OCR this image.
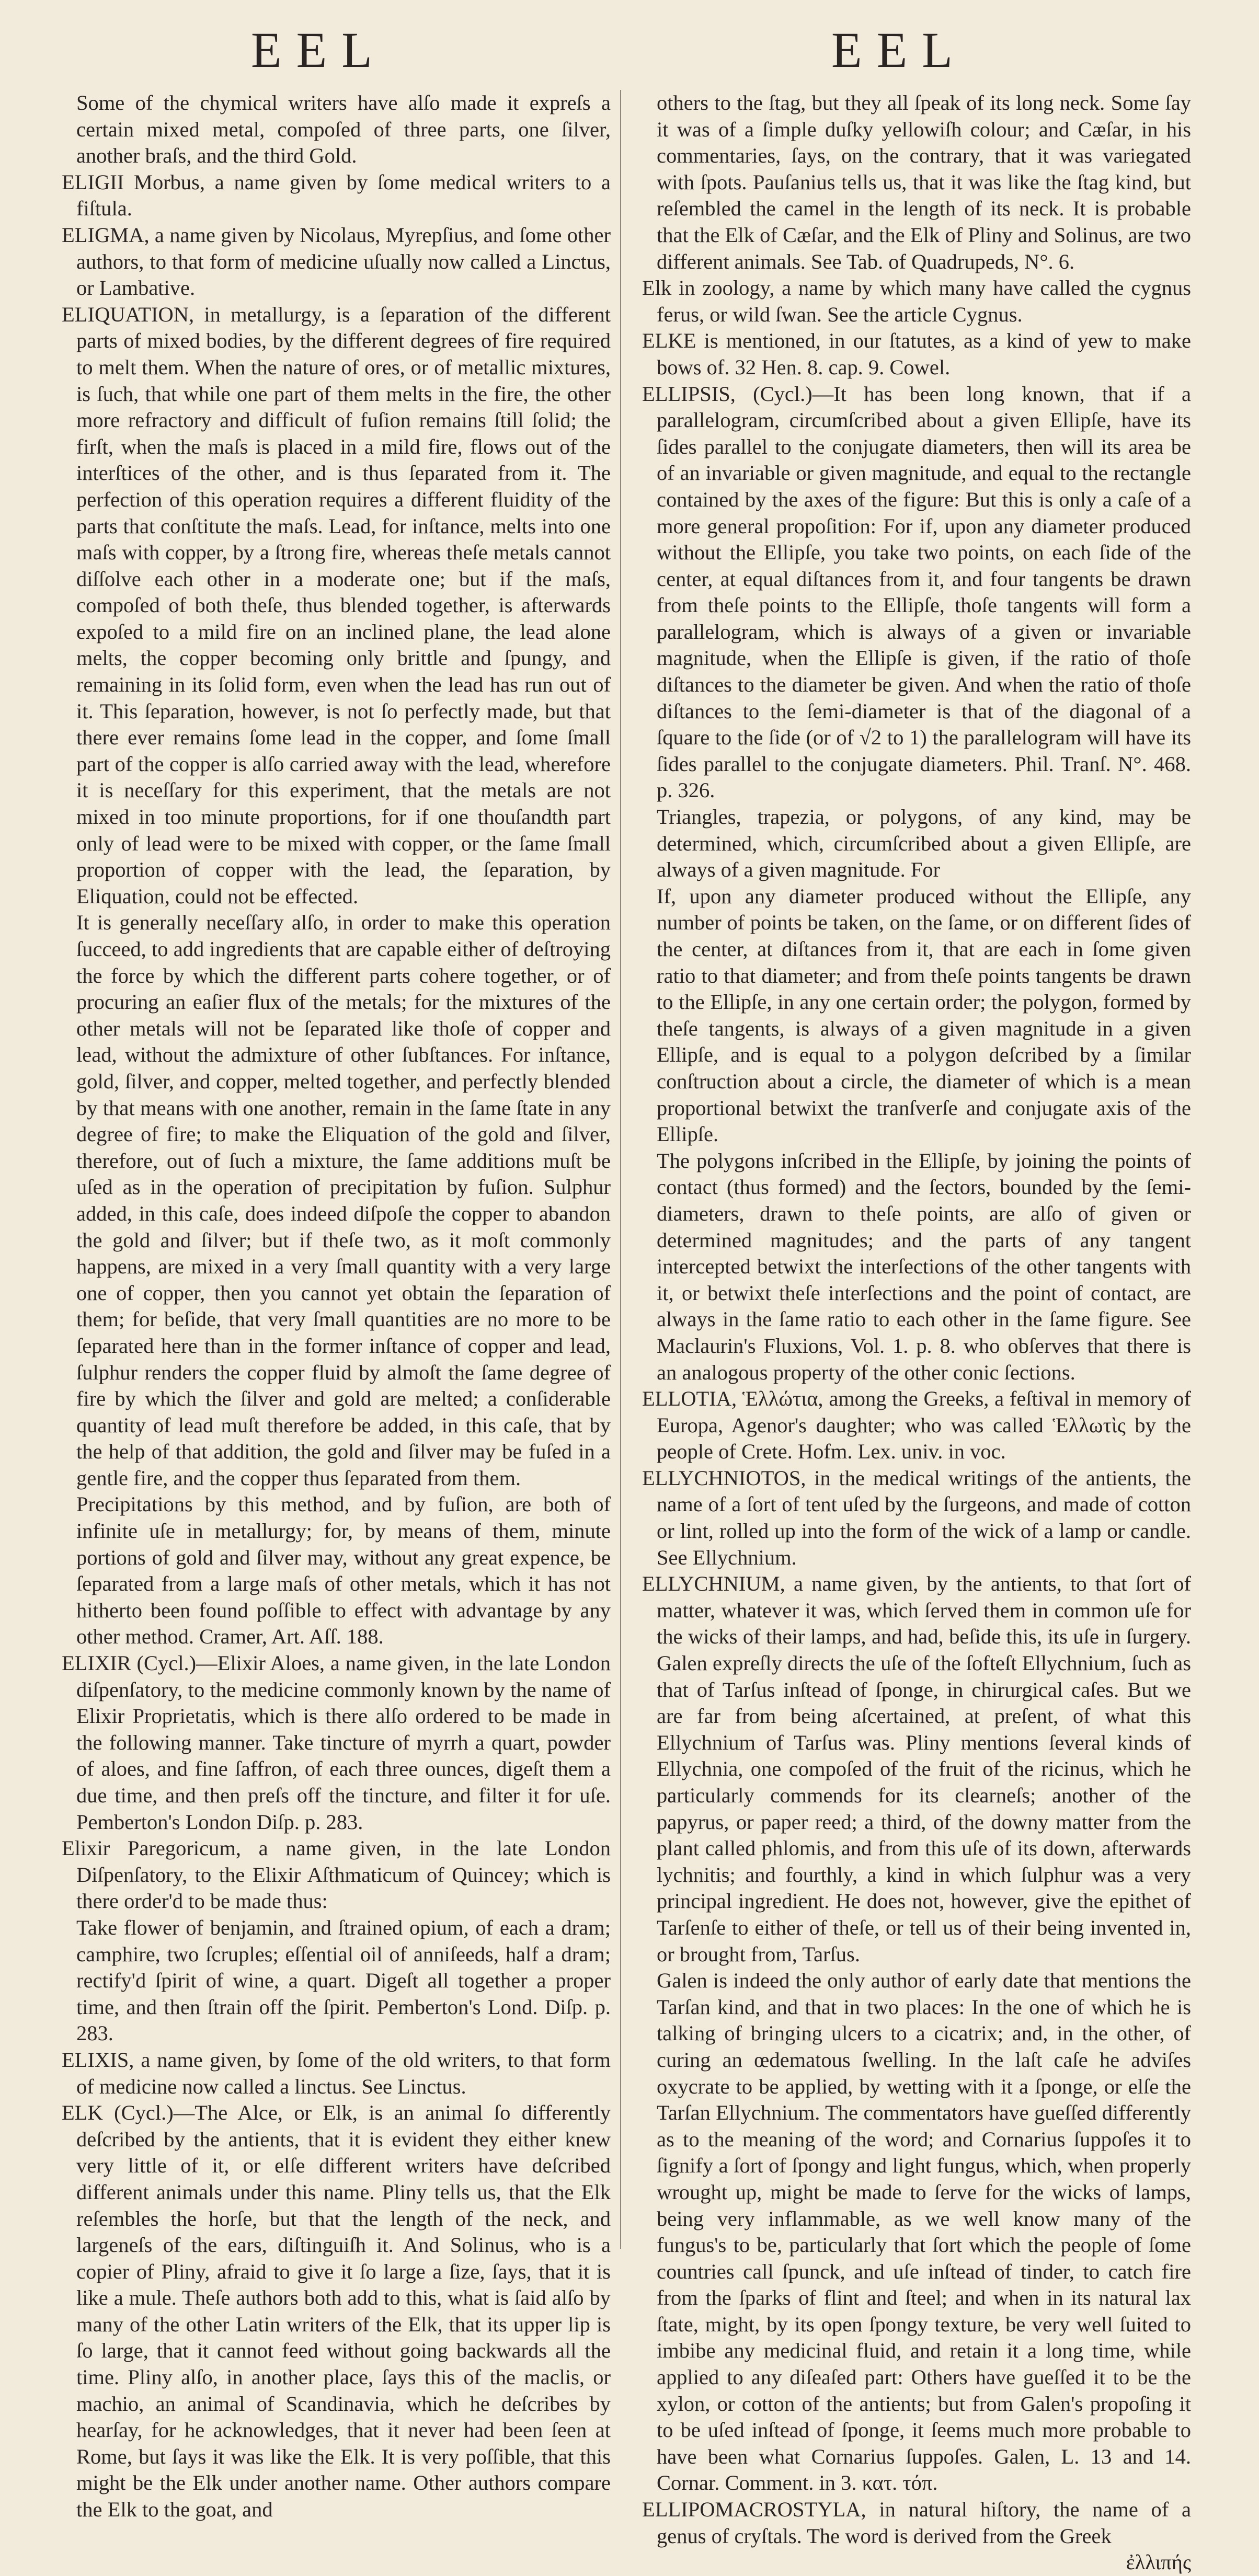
EEL	EEL

Some of the chymical writers have alſo made it expreſs a certain mixed metal, compoſed of three parts, one ſilver, another braſs, and the third Gold.

ELIGII Morbus, a name given by ſome medical writers to a fiſtula.

ELIGMA, a name given by Nicolaus, Myrepſius, and ſome other authors, to that form of medicine uſually now called a Linctus, or Lambative.

ELIQUATION, in metallurgy, is a ſeparation of the different parts of mixed bodies, by the different degrees of fire required to melt them. When the nature of ores, or of metallic mixtures, is ſuch, that while one part of them melts in the fire, the other more refractory and difficult of fuſion remains ſtill ſolid; the firſt, when the maſs is placed in a mild fire, flows out of the interſtices of the other, and is thus ſeparated from it. The perfection of this operation requires a different fluidity of the parts that conſtitute the maſs. Lead, for inſtance, melts into one maſs with copper, by a ſtrong fire, whereas theſe metals cannot diſſolve each other in a moderate one; but if the maſs, compoſed of both theſe, thus blended together, is afterwards expoſed to a mild fire on an inclined plane, the lead alone melts, the copper becoming only brittle and ſpungy, and remaining in its ſolid form, even when the lead has run out of it. This ſeparation, however, is not ſo perfectly made, but that there ever remains ſome lead in the copper, and ſome ſmall part of the copper is alſo carried away with the lead, wherefore it is neceſſary for this experiment, that the metals are not mixed in too minute proportions, for if one thouſandth part only of lead were to be mixed with copper, or the ſame ſmall proportion of copper with the lead, the ſeparation, by Eliquation, could not be effected.

It is generally neceſſary alſo, in order to make this operation ſucceed, to add ingredients that are capable either of deſtroying the force by which the different parts cohere together, or of procuring an eaſier flux of the metals; for the mixtures of the other metals will not be ſeparated like thoſe of copper and lead, without the admixture of other ſubſtances. For inſtance, gold, ſilver, and copper, melted together, and perfectly blended by that means with one another, remain in the ſame ſtate in any degree of fire; to make the Eliquation of the gold and ſilver, therefore, out of ſuch a mixture, the ſame additions muſt be uſed as in the operation of precipitation by fuſion. Sulphur added, in this caſe, does indeed diſpoſe the copper to abandon the gold and ſilver; but if theſe two, as it moſt commonly happens, are mixed in a very ſmall quantity with a very large one of copper, then you cannot yet obtain the ſeparation of them; for beſide, that very ſmall quantities are no more to be ſeparated here than in the former inſtance of copper and lead, ſulphur renders the copper fluid by almoſt the ſame degree of fire by which the ſilver and gold are melted; a conſiderable quantity of lead muſt therefore be added, in this caſe, that by the help of that addition, the gold and ſilver may be fuſed in a gentle fire, and the copper thus ſeparated from them.

Precipitations by this method, and by fuſion, are both of infinite uſe in metallurgy; for, by means of them, minute portions of gold and ſilver may, without any great expence, be ſeparated from a large maſs of other metals, which it has not hitherto been found poſſible to effect with advantage by any other method. Cramer, Art. Aſſ. 188.

ELIXIR (Cycl.)—Elixir Aloes, a name given, in the late London diſpenſatory, to the medicine commonly known by the name of Elixir Proprietatis, which is there alſo ordered to be made in the following manner. Take tincture of myrrh a quart, powder of aloes, and fine ſaffron, of each three ounces, digeſt them a due time, and then preſs off the tincture, and filter it for uſe. Pemberton's London Diſp. p. 283.

Elixir Paregoricum, a name given, in the late London Diſpenſatory, to the Elixir Aſthmaticum of Quincey; which is there order'd to be made thus:

Take flower of benjamin, and ſtrained opium, of each a dram; camphire, two ſcruples; eſſential oil of anniſeeds, half a dram; rectify'd ſpirit of wine, a quart. Digeſt all together a proper time, and then ſtrain off the ſpirit. Pemberton's Lond. Diſp. p. 283.

ELIXIS, a name given, by ſome of the old writers, to that form of medicine now called a linctus. See Linctus.

ELK (Cycl.)—The Alce, or Elk, is an animal ſo differently deſcribed by the antients, that it is evident they either knew very little of it, or elſe different writers have deſcribed different animals under this name. Pliny tells us, that the Elk reſembles the horſe, but that the length of the neck, and largeneſs of the ears, diſtinguiſh it. And Solinus, who is a copier of Pliny, afraid to give it ſo large a ſize, ſays, that it is like a mule. Theſe authors both add to this, what is ſaid alſo by many of the other Latin writers of the Elk, that its upper lip is ſo large, that it cannot feed without going backwards all the time. Pliny alſo, in another place, ſays this of the maclis, or machio, an animal of Scandinavia, which he deſcribes by hearſay, for he acknowledges, that it never had been ſeen at Rome, but ſays it was like the Elk. It is very poſſible, that this might be the Elk under another name. Other authors compare the Elk to the goat, and

others to the ſtag, but they all ſpeak of its long neck. Some ſay it was of a ſimple duſky yellowiſh colour; and Cæſar, in his commentaries, ſays, on the contrary, that it was variegated with ſpots. Pauſanius tells us, that it was like the ſtag kind, but reſembled the camel in the length of its neck. It is probable that the Elk of Cæſar, and the Elk of Pliny and Solinus, are two different animals. See Tab. of Quadrupeds, N°. 6.

Elk in zoology, a name by which many have called the cygnus ferus, or wild ſwan. See the article Cygnus.

ELKE is mentioned, in our ſtatutes, as a kind of yew to make bows of. 32 Hen. 8. cap. 9. Cowel.

ELLIPSIS, (Cycl.)—It has been long known, that if a parallelogram, circumſcribed about a given Ellipſe, have its ſides parallel to the conjugate diameters, then will its area be of an invariable or given magnitude, and equal to the rectangle contained by the axes of the figure: But this is only a caſe of a more general propoſition: For if, upon any diameter produced without the Ellipſe, you take two points, on each ſide of the center, at equal diſtances from it, and four tangents be drawn from theſe points to the Ellipſe, thoſe tangents will form a parallelogram, which is always of a given or invariable magnitude, when the Ellipſe is given, if the ratio of thoſe diſtances to the diameter be given. And when the ratio of thoſe diſtances to the ſemi-diameter is that of the diagonal of a ſquare to the ſide (or of √2 to 1) the parallelogram will have its ſides parallel to the conjugate diameters. Phil. Tranſ. N°. 468. p. 326.

Triangles, trapezia, or polygons, of any kind, may be determined, which, circumſcribed about a given Ellipſe, are always of a given magnitude. For

If, upon any diameter produced without the Ellipſe, any number of points be taken, on the ſame, or on different ſides of the center, at diſtances from it, that are each in ſome given ratio to that diameter; and from theſe points tangents be drawn to the Ellipſe, in any one certain order; the polygon, formed by theſe tangents, is always of a given magnitude in a given Ellipſe, and is equal to a polygon deſcribed by a ſimilar conſtruction about a circle, the diameter of which is a mean proportional betwixt the tranſverſe and conjugate axis of the Ellipſe.

The polygons inſcribed in the Ellipſe, by joining the points of contact (thus formed) and the ſectors, bounded by the ſemi-diameters, drawn to theſe points, are alſo of given or determined magnitudes; and the parts of any tangent intercepted betwixt the interſections of the other tangents with it, or betwixt theſe interſections and the point of contact, are always in the ſame ratio to each other in the ſame figure. See Maclaurin's Fluxions, Vol. 1. p. 8. who obſerves that there is an analogous property of the other conic ſections.

ELLOTIA, Ἑλλώτια, among the Greeks, a feſtival in memory of Europa, Agenor's daughter; who was called Ἑλλωτὶς by the people of Crete. Hofm. Lex. univ. in voc.

ELLYCHNIOTOS, in the medical writings of the antients, the name of a ſort of tent uſed by the ſurgeons, and made of cotton or lint, rolled up into the form of the wick of a lamp or candle. See Ellychnium.

ELLYCHNIUM, a name given, by the antients, to that ſort of matter, whatever it was, which ſerved them in common uſe for the wicks of their lamps, and had, beſide this, its uſe in ſurgery. Galen expreſly directs the uſe of the ſofteſt Ellychnium, ſuch as that of Tarſus inſtead of ſponge, in chirurgical caſes. But we are far from being aſcertained, at preſent, of what this Ellychnium of Tarſus was. Pliny mentions ſeveral kinds of Ellychnia, one compoſed of the fruit of the ricinus, which he particularly commends for its clearneſs; another of the papyrus, or paper reed; a third, of the downy matter from the plant called phlomis, and from this uſe of its down, afterwards lychnitis; and fourthly, a kind in which ſulphur was a very principal ingredient. He does not, however, give the epithet of Tarſenſe to either of theſe, or tell us of their being invented in, or brought from, Tarſus.

Galen is indeed the only author of early date that mentions the Tarſan kind, and that in two places: In the one of which he is talking of bringing ulcers to a cicatrix; and, in the other, of curing an œdematous ſwelling. In the laſt caſe he adviſes oxycrate to be applied, by wetting with it a ſponge, or elſe the Tarſan Ellychnium. The commentators have gueſſed differently as to the meaning of the word; and Cornarius ſuppoſes it to ſignify a ſort of ſpongy and light fungus, which, when properly wrought up, might be made to ſerve for the wicks of lamps, being very inflammable, as we well know many of the fungus's to be, particularly that ſort which the people of ſome countries call ſpunck, and uſe inſtead of tinder, to catch fire from the ſparks of flint and ſteel; and when in its natural lax ſtate, might, by its open ſpongy texture, be very well ſuited to imbibe any medicinal fluid, and retain it a long time, while applied to any diſeaſed part: Others have gueſſed it to be the xylon, or cotton of the antients; but from Galen's propoſing it to be uſed inſtead of ſponge, it ſeems much more probable to have been what Cornarius ſuppoſes. Galen, L. 13 and 14. Cornar. Comment. in 3. κατ. τόπ.

ELLIPOMACROSTYLA, in natural hiſtory, the name of a genus of cryſtals. The word is derived from the Greek

ἐλλιπής
